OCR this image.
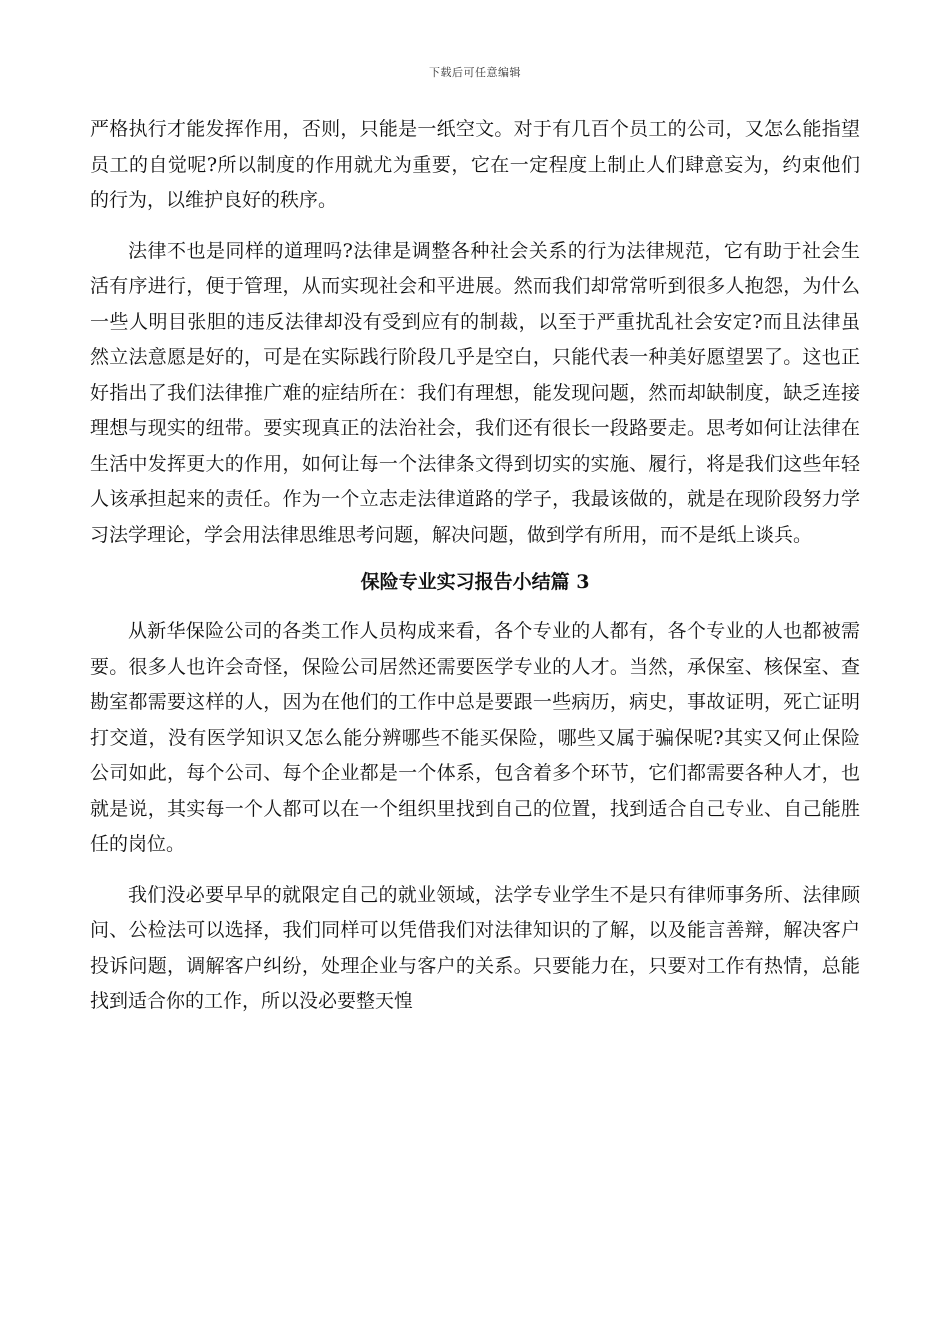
下载后可任意编辑

严格执行才能发挥作用，否则，只能是一纸空文。对于有几百个员工的公司，又怎么能指望员工的自觉呢?所以制度的作用就尤为重要，它在一定程度上制止人们肆意妄为，约束他们的行为，以维护良好的秩序。

法律不也是同样的道理吗?法律是调整各种社会关系的行为法律规范，它有助于社会生活有序进行，便于管理，从而实现社会和平进展。然而我们却常常听到很多人抱怨，为什么一些人明目张胆的违反法律却没有受到应有的制裁，以至于严重扰乱社会安定?而且法律虽然立法意愿是好的，可是在实际践行阶段几乎是空白，只能代表一种美好愿望罢了。这也正好指出了我们法律推广难的症结所在：我们有理想，能发现问题，然而却缺制度，缺乏连接理想与现实的纽带。要实现真正的法治社会，我们还有很长一段路要走。思考如何让法律在生活中发挥更大的作用，如何让每一个法律条文得到切实的实施、履行，将是我们这些年轻人该承担起来的责任。作为一个立志走法律道路的学子，我最该做的，就是在现阶段努力学习法学理论，学会用法律思维思考问题，解决问题，做到学有所用，而不是纸上谈兵。

保险专业实习报告小结篇 3

从新华保险公司的各类工作人员构成来看，各个专业的人都有，各个专业的人也都被需要。很多人也许会奇怪，保险公司居然还需要医学专业的人才。当然，承保室、核保室、查勘室都需要这样的人，因为在他们的工作中总是要跟一些病历，病史，事故证明，死亡证明打交道，没有医学知识又怎么能分辨哪些不能买保险，哪些又属于骗保呢?其实又何止保险公司如此，每个公司、每个企业都是一个体系，包含着多个环节，它们都需要各种人才，也就是说，其实每一个人都可以在一个组织里找到自己的位置，找到适合自己专业、自己能胜任的岗位。

我们没必要早早的就限定自己的就业领域，法学专业学生不是只有律师事务所、法律顾问、公检法可以选择，我们同样可以凭借我们对法律知识的了解，以及能言善辩，解决客户投诉问题，调解客户纠纷，处理企业与客户的关系。只要能力在，只要对工作有热情，总能找到适合你的工作，所以没必要整天惶
